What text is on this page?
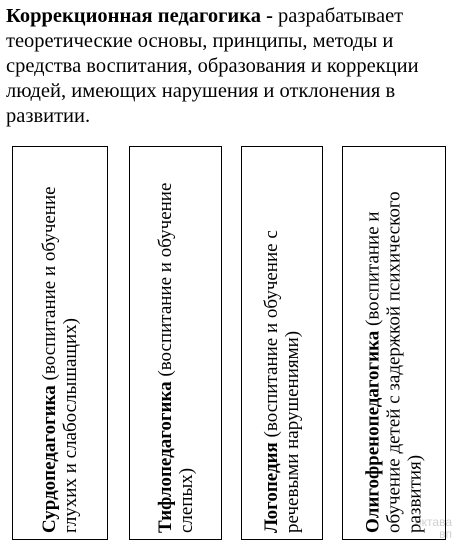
Коррекционная педагогика - разрабатывает теоретические основы, принципы, методы и средства воспитания, образования и коррекции людей, имеющих нарушения и отклонения в развитии.

Сурдопедагогика (воспитание и обучение глухих и слабослышащих)	Тифлопедагогика (воспитание и обучение слепых)	Логопедия (воспитание и обучение с речевыми нарушениями)	Олигофренопедагогика (воспитание и обучение детей с задержкой психического развития)
октава
вп
